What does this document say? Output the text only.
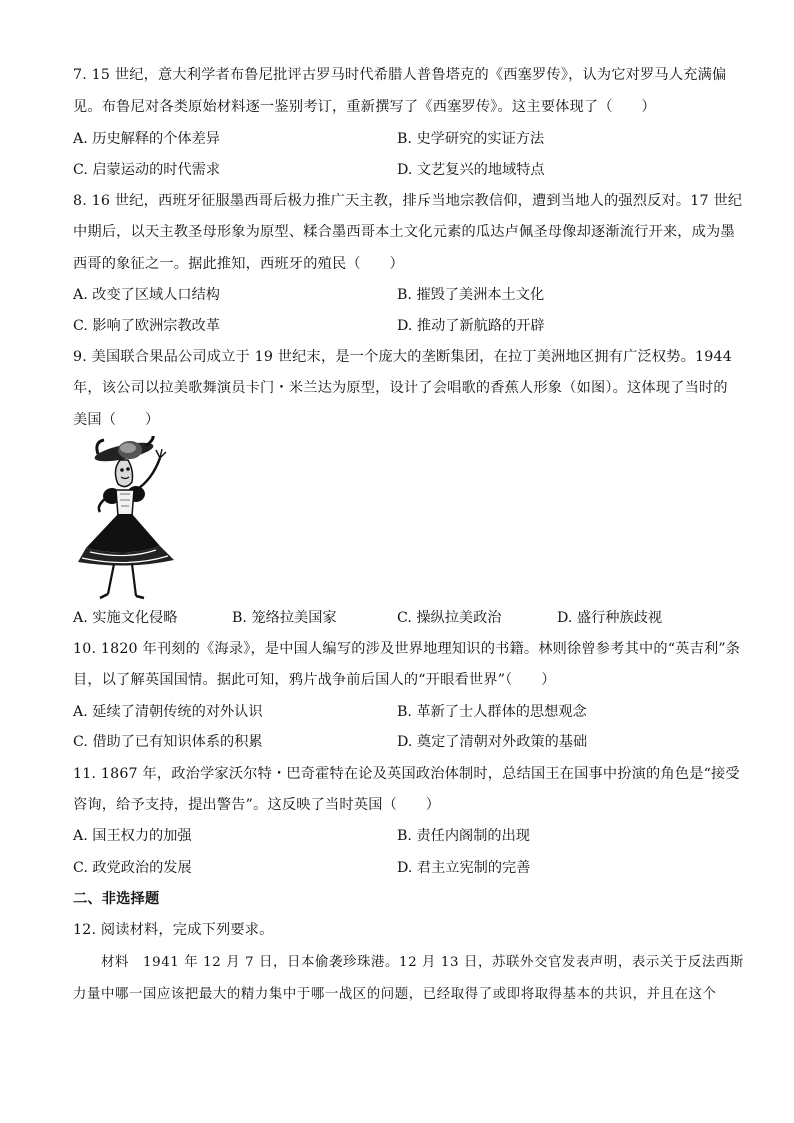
7. 15 世纪，意大利学者布鲁尼批评古罗马时代希腊人普鲁塔克的《西塞罗传》，认为它对罗马人充满偏
见。布鲁尼对各类原始材料逐一鉴别考订，重新撰写了《西塞罗传》。这主要体现了（　　）
A. 历史解释的个体差异	B. 史学研究的实证方法
C. 启蒙运动的时代需求	D. 文艺复兴的地域特点
8. 16 世纪，西班牙征服墨西哥后极力推广天主教，排斥当地宗教信仰，遭到当地人的强烈反对。17 世纪
中期后，以天主教圣母形象为原型、糅合墨西哥本土文化元素的瓜达卢佩圣母像却逐渐流行开来，成为墨
西哥的象征之一。据此推知，西班牙的殖民（　　）
A. 改变了区域人口结构	B. 摧毁了美洲本土文化
C. 影响了欧洲宗教改革	D. 推动了新航路的开辟
9. 美国联合果品公司成立于 19 世纪末，是一个庞大的垄断集团，在拉丁美洲地区拥有广泛权势。1944
年，该公司以拉美歌舞演员卡门・米兰达为原型，设计了会唱歌的香蕉人形象（如图）。这体现了当时的
美国（　　）
A. 实施文化侵略	B. 笼络拉美国家	C. 操纵拉美政治	D. 盛行种族歧视
10. 1820 年刊刻的《海录》，是中国人编写的涉及世界地理知识的书籍。林则徐曾参考其中的“英吉利”条
目，以了解英国国情。据此可知，鸦片战争前后国人的“开眼看世界”（　　）
A. 延续了清朝传统的对外认识	B. 革新了士人群体的思想观念
C. 借助了已有知识体系的积累	D. 奠定了清朝对外政策的基础
11. 1867 年，政治学家沃尔特・巴奇霍特在论及英国政治体制时，总结国王在国事中扮演的角色是“接受
咨询，给予支持，提出警告”。这反映了当时英国（　　）
A. 国王权力的加强	B. 责任内阁制的出现
C. 政党政治的发展	D. 君主立宪制的完善
二、非选择题
12. 阅读材料，完成下列要求。
　　材料　1941 年 12 月 7 日，日本偷袭珍珠港。12 月 13 日，苏联外交官发表声明，表示关于反法西斯
力量中哪一国应该把最大的精力集中于哪一战区的问题，已经取得了或即将取得基本的共识，并且在这个
